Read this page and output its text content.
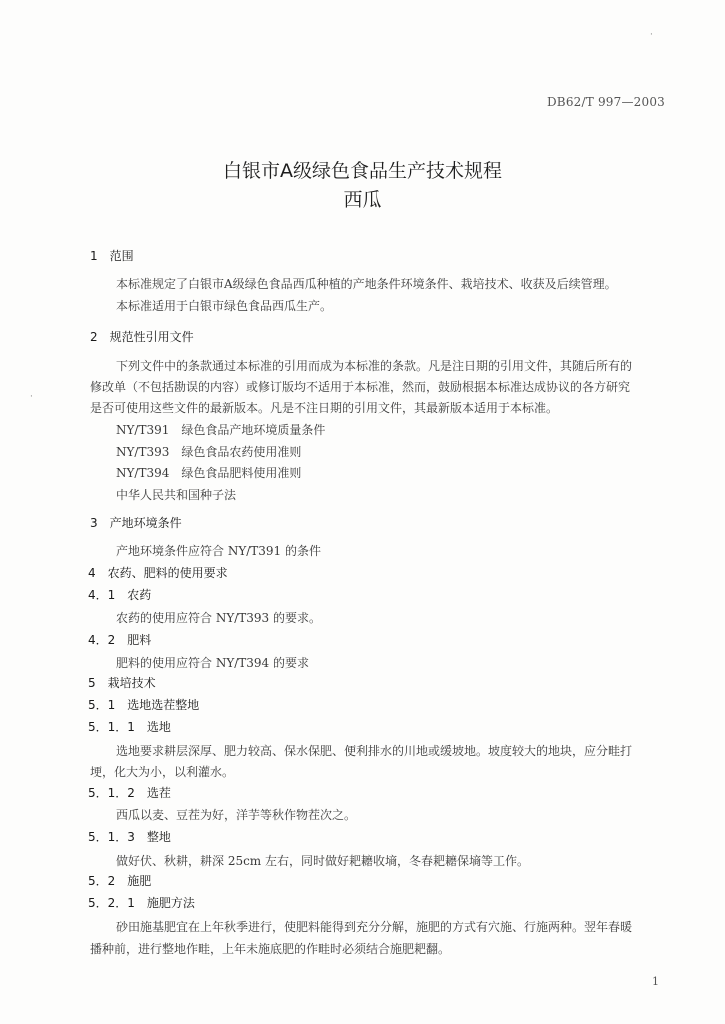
DB62/T 997—2003
白银市A级绿色食品生产技术规程
西瓜
1　范围
本标准规定了白银市A级绿色食品西瓜种植的产地条件环境条件、栽培技术、收获及后续管理。
本标准适用于白银市绿色食品西瓜生产。
2　规范性引用文件
下列文件中的条款通过本标准的引用而成为本标准的条款。凡是注日期的引用文件，其随后所有的
修改单（不包括勘误的内容）或修订版均不适用于本标准，然而，鼓励根据本标准达成协议的各方研究
是否可使用这些文件的最新版本。凡是不注日期的引用文件，其最新版本适用于本标准。
NY/T391　绿色食品产地环境质量条件
NY/T393　绿色食品农药使用准则
NY/T394　绿色食品肥料使用准则
中华人民共和国种子法
3　产地环境条件
产地环境条件应符合 NY/T391 的条件
4　农药、肥料的使用要求
4．1　农药
农药的使用应符合 NY/T393 的要求。
4．2　肥料
肥料的使用应符合 NY/T394 的要求
5　栽培技术
5．1　选地选茬整地
5．1．1　选地
选地要求耕层深厚、肥力较高、保水保肥、便利排水的川地或缓坡地。坡度较大的地块，应分畦打
埂，化大为小，以利灌水。
5．1．2　选茬
西瓜以麦、豆茬为好，洋芋等秋作物茬次之。
5．1．3　整地
做好伏、秋耕，耕深 25cm 左右，同时做好耙耱收墒，冬春耙耱保墒等工作。
5．2　施肥
5．2．1　施肥方法
砂田施基肥宜在上年秋季进行，使肥料能得到充分分解，施肥的方式有穴施、行施两种。翌年春暖
播种前，进行整地作畦，上年未施底肥的作畦时必须结合施肥耙翻。
1
·
·
